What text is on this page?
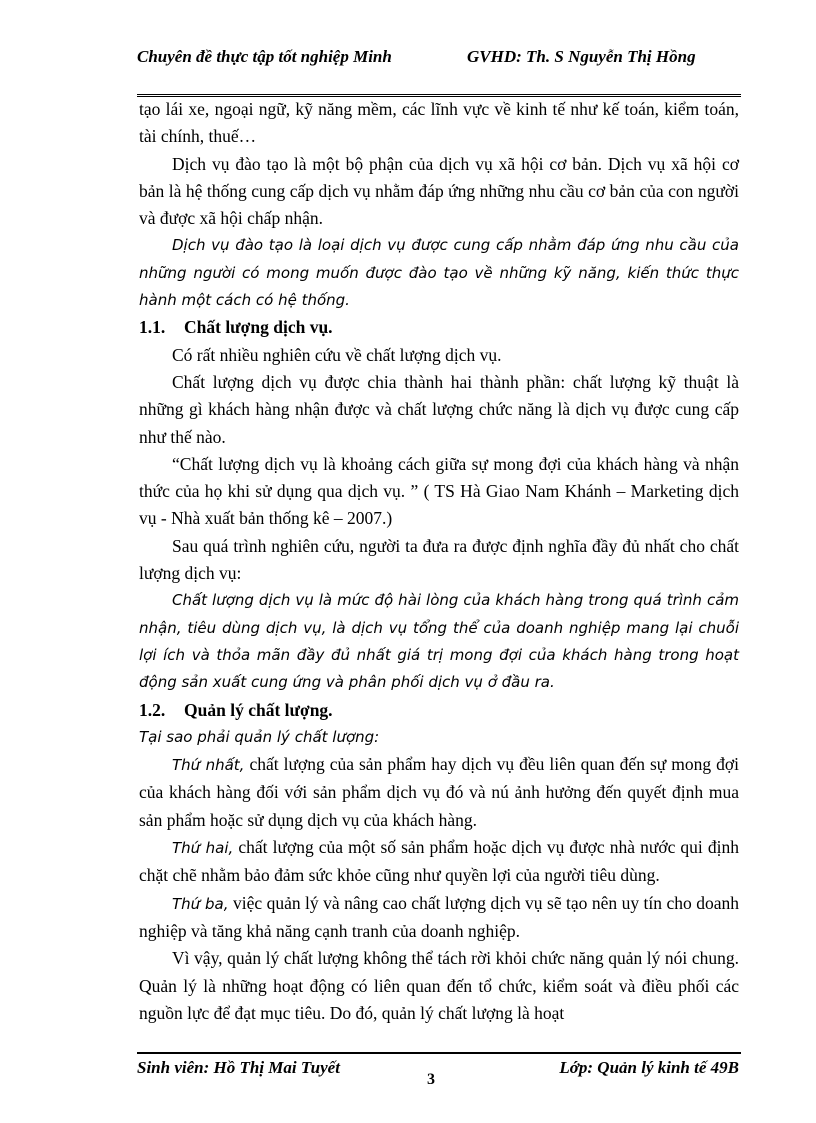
Chuyên đề thực tập tốt nghiệp Minh	GVHD: Th. S Nguyễn Thị Hồng

tạo lái xe, ngoại ngữ, kỹ năng mềm, các lĩnh vực về kinh tế như kế toán, kiểm toán, tài chính, thuế…

Dịch vụ đào tạo là một bộ phận của dịch vụ xã hội cơ bản. Dịch vụ xã hội cơ bản là hệ thống cung cấp dịch vụ nhằm đáp ứng những nhu cầu cơ bản của con người và được xã hội chấp nhận.

Dịch vụ đào tạo là loại dịch vụ được cung cấp nhằm đáp ứng nhu cầu của những người có mong muốn được đào tạo về những kỹ năng, kiến thức thực hành một cách có hệ thống.

1.1. Chất lượng dịch vụ.

Có rất nhiều nghiên cứu về chất lượng dịch vụ.

Chất lượng dịch vụ được chia thành hai thành phần: chất lượng kỹ thuật là những gì khách hàng nhận được và chất lượng chức năng là dịch vụ được cung cấp như thế nào.

“Chất lượng dịch vụ là khoảng cách giữa sự mong đợi của khách hàng và nhận thức của họ khi sử dụng qua dịch vụ. ” ( TS Hà Giao Nam Khánh – Marketing dịch vụ - Nhà xuất bản thống kê – 2007.)

Sau quá trình nghiên cứu, người ta đưa ra được định nghĩa đầy đủ nhất cho chất lượng dịch vụ:

Chất lượng dịch vụ là mức độ hài lòng của khách hàng trong quá trình cảm nhận, tiêu dùng dịch vụ, là dịch vụ tổng thể của doanh nghiệp mang lại chuỗi lợi ích và thỏa mãn đầy đủ nhất giá trị mong đợi của khách hàng trong hoạt động sản xuất cung ứng và phân phối dịch vụ ở đầu ra.

1.2. Quản lý chất lượng.

Tại sao phải quản lý chất lượng:

Thứ nhất, chất lượng của sản phẩm hay dịch vụ đều liên quan đến sự mong đợi của khách hàng đối với sản phẩm dịch vụ đó và nú ảnh hưởng đến quyết định mua sản phẩm hoặc sử dụng dịch vụ của khách hàng.

Thứ hai, chất lượng của một số sản phẩm hoặc dịch vụ được nhà nước qui định chặt chẽ nhằm bảo đảm sức khỏe cũng như quyền lợi của người tiêu dùng.

Thứ ba, việc quản lý và nâng cao chất lượng dịch vụ sẽ tạo nên uy tín cho doanh nghiệp và tăng khả năng cạnh tranh của doanh nghiệp.

Vì vậy, quản lý chất lượng không thể tách rời khỏi chức năng quản lý nói chung. Quản lý là những hoạt động có liên quan đến tổ chức, kiểm soát và điều phối các nguồn lực để đạt mục tiêu. Do đó, quản lý chất lượng là hoạt

Sinh viên: Hồ Thị Mai Tuyết
3
Lớp: Quản lý kinh tế 49B
